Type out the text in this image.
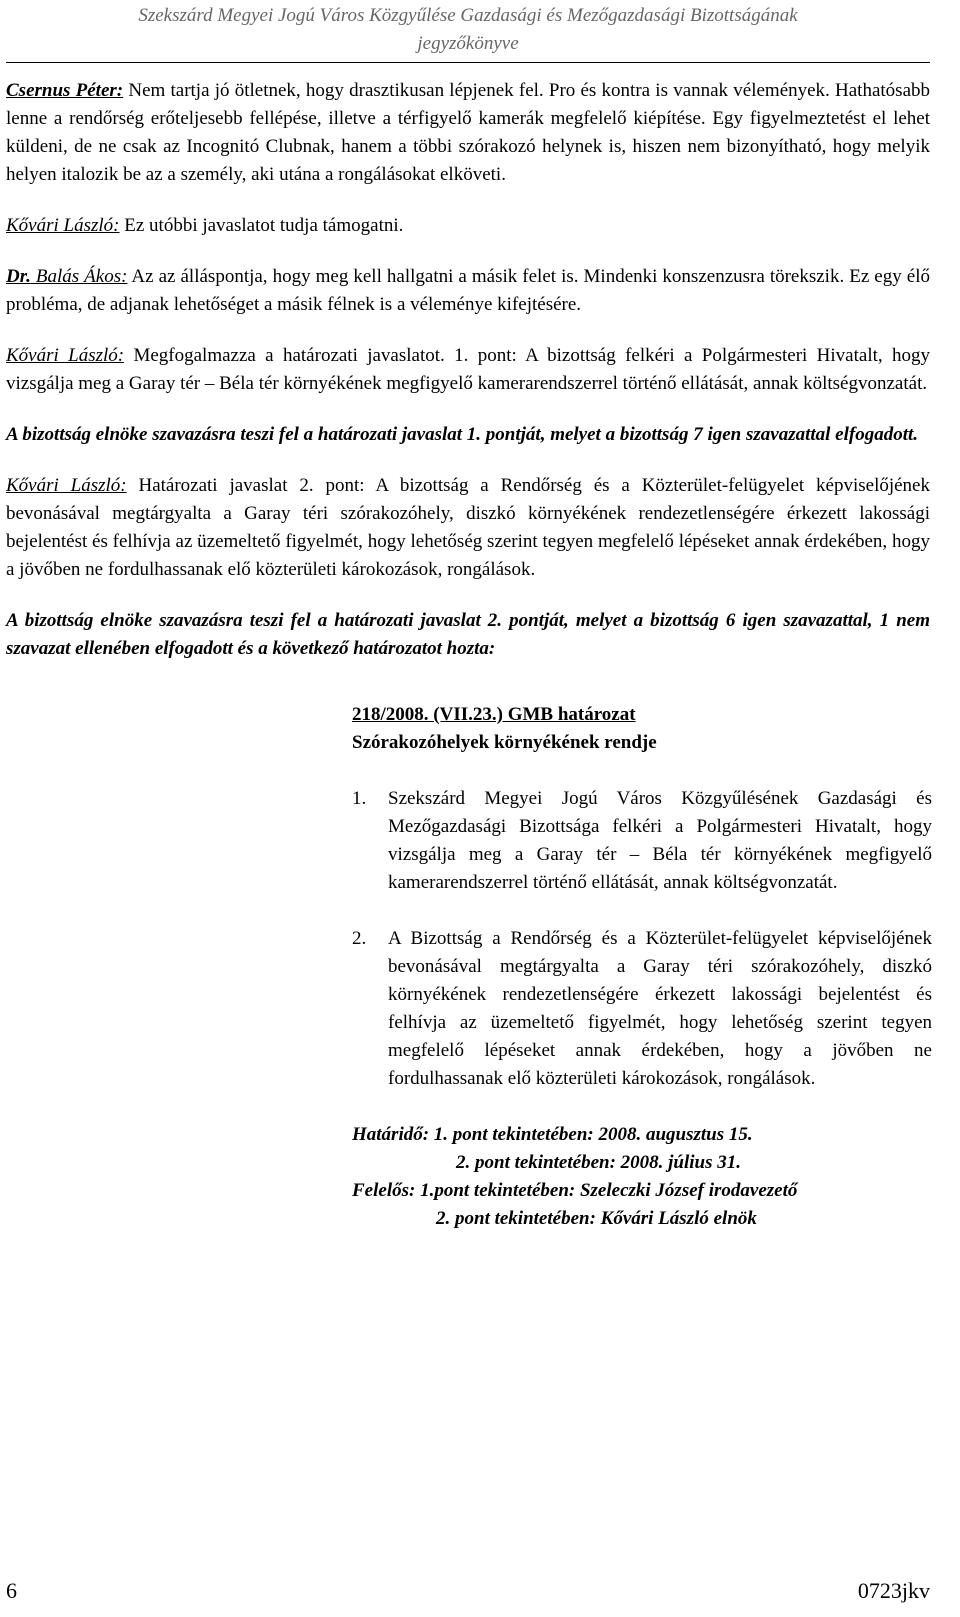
Szekszárd Megyei Jogú Város Közgyűlése Gazdasági és Mezőgazdasági Bizottságának
jegyzőkönyve

Csernus Péter: Nem tartja jó ötletnek, hogy drasztikusan lépjenek fel. Pro és kontra is vannak vélemények. Hathatósabb lenne a rendőrség erőteljesebb fellépése, illetve a térfigyelő kamerák megfelelő kiépítése. Egy figyelmeztetést el lehet küldeni, de ne csak az Incognitó Clubnak, hanem a többi szórakozó helynek is, hiszen nem bizonyítható, hogy melyik helyen italozik be az a személy, aki utána a rongálásokat elköveti.

Kővári László: Ez utóbbi javaslatot tudja támogatni.

Dr. Balás Ákos: Az az álláspontja, hogy meg kell hallgatni a másik felet is. Mindenki konszenzusra törekszik. Ez egy élő probléma, de adjanak lehetőséget a másik félnek is a véleménye kifejtésére.

Kővári László: Megfogalmazza a határozati javaslatot. 1. pont: A bizottság felkéri a Polgármesteri Hivatalt, hogy vizsgálja meg a Garay tér – Béla tér környékének megfigyelő kamerarendszerrel történő ellátását, annak költségvonzatát.

A bizottság elnöke szavazásra teszi fel a határozati javaslat 1. pontját, melyet a bizottság 7 igen szavazattal elfogadott.

Kővári László: Határozati javaslat 2. pont: A bizottság a Rendőrség és a Közterület-felügyelet képviselőjének bevonásával megtárgyalta a Garay téri szórakozóhely, diszkó környékének rendezetlenségére érkezett lakossági bejelentést és felhívja az üzemeltető figyelmét, hogy lehetőség szerint tegyen megfelelő lépéseket annak érdekében, hogy a jövőben ne fordulhassanak elő közterületi károkozások, rongálások.

A bizottság elnöke szavazásra teszi fel a határozati javaslat 2. pontját, melyet a bizottság 6 igen szavazattal, 1 nem szavazat ellenében elfogadott és a következő határozatot hozta:

218/2008. (VII.23.) GMB határozat
Szórakozóhelyek környékének rendje
1. Szekszárd Megyei Jogú Város Közgyűlésének Gazdasági és Mezőgazdasági Bizottsága felkéri a Polgármesteri Hivatalt, hogy vizsgálja meg a Garay tér – Béla tér környékének megfigyelő kamerarendszerrel történő ellátását, annak költségvonzatát.

2. A Bizottság a Rendőrség és a Közterület-felügyelet képviselőjének bevonásával megtárgyalta a Garay téri szórakozóhely, diszkó környékének rendezetlenségére érkezett lakossági bejelentést és felhívja az üzemeltető figyelmét, hogy lehetőség szerint tegyen megfelelő lépéseket annak érdekében, hogy a jövőben ne fordulhassanak elő közterületi károkozások, rongálások.

Határidő: 1. pont tekintetében: 2008. augusztus 15.
2. pont tekintetében: 2008. július 31.
Felelős: 1.pont tekintetében: Szeleczki József irodavezető
2. pont tekintetében: Kővári László elnök
6	0723jkv
